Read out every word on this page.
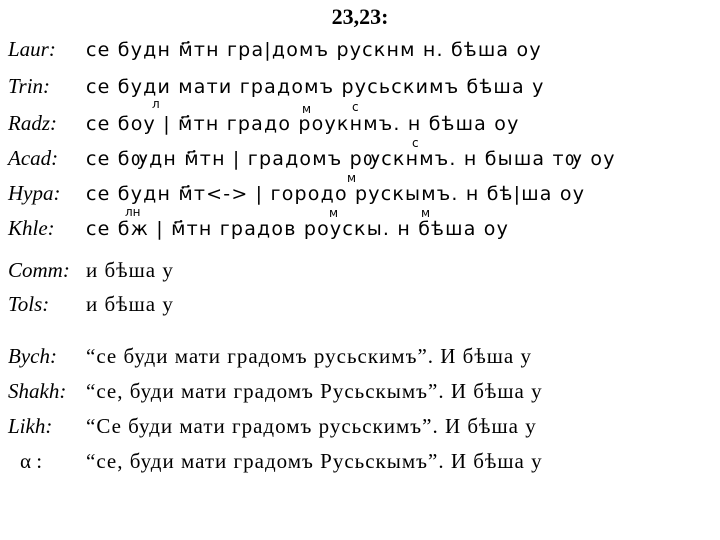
23,23:
Laur: се будн м҃тн гра|домъ рускнм н. бѣша оу
Trin: се буди мати градомъ русьскимъ бѣша у
л	м	с
Radz: се боу | м҃тн градо роукнмъ. н бѣша оу
с
Acad: се бѹдн м҃тн | градомъ рѹскнмъ. н быша тѹ оу
м
Hypa: се будн м҃т<-> | городо рускымъ. н бѣ|ша оу
лн	м	м
Khle: се бж | м҃тн градов роускы. н бѣша оу
Comm: и бѣша у
Tols: и бѣша у
Bych: “се буди мати градомъ русьскимъ”. И бѣша у
Shakh: “се, буди мати градомъ Русьскымъ”. И бѣша у
Likh: “Се буди мати градомъ русьскимъ”. И бѣша у
α : “се, буди мати градомъ Русьскымъ”. И бѣша у
